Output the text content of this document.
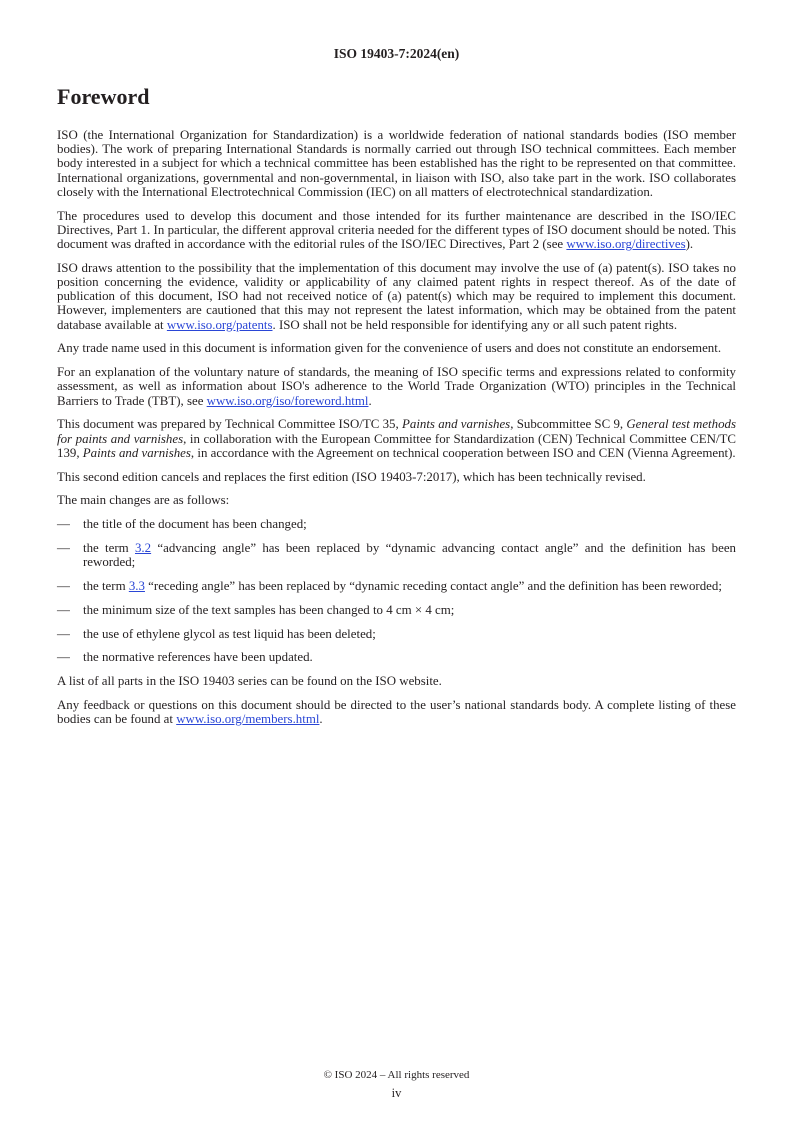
ISO 19403-7:2024(en)
Foreword

ISO (the International Organization for Standardization) is a worldwide federation of national standards bodies (ISO member bodies). The work of preparing International Standards is normally carried out through ISO technical committees. Each member body interested in a subject for which a technical committee has been established has the right to be represented on that committee. International organizations, governmental and non-governmental, in liaison with ISO, also take part in the work. ISO collaborates closely with the International Electrotechnical Commission (IEC) on all matters of electrotechnical standardization.

The procedures used to develop this document and those intended for its further maintenance are described in the ISO/IEC Directives, Part 1. In particular, the different approval criteria needed for the different types of ISO document should be noted. This document was drafted in accordance with the editorial rules of the ISO/IEC Directives, Part 2 (see www.iso.org/directives).

ISO draws attention to the possibility that the implementation of this document may involve the use of (a) patent(s). ISO takes no position concerning the evidence, validity or applicability of any claimed patent rights in respect thereof. As of the date of publication of this document, ISO had not received notice of (a) patent(s) which may be required to implement this document. However, implementers are cautioned that this may not represent the latest information, which may be obtained from the patent database available at www.iso.org/patents. ISO shall not be held responsible for identifying any or all such patent rights.

Any trade name used in this document is information given for the convenience of users and does not constitute an endorsement.

For an explanation of the voluntary nature of standards, the meaning of ISO specific terms and expressions related to conformity assessment, as well as information about ISO's adherence to the World Trade Organization (WTO) principles in the Technical Barriers to Trade (TBT), see www.iso.org/iso/foreword.html.

This document was prepared by Technical Committee ISO/TC 35, Paints and varnishes, Subcommittee SC 9, General test methods for paints and varnishes, in collaboration with the European Committee for Standardization (CEN) Technical Committee CEN/TC 139, Paints and varnishes, in accordance with the Agreement on technical cooperation between ISO and CEN (Vienna Agreement).

This second edition cancels and replaces the first edition (ISO 19403-7:2017), which has been technically revised.

The main changes are as follows:

—	the title of the document has been changed;
—	the term 3.2 “advancing angle” has been replaced by “dynamic advancing contact angle” and the definition has been reworded;
—	the term 3.3 “receding angle” has been replaced by “dynamic receding contact angle” and the definition has been reworded;
—	the minimum size of the text samples has been changed to 4 cm × 4 cm;
—	the use of ethylene glycol as test liquid has been deleted;
—	the normative references have been updated.

A list of all parts in the ISO 19403 series can be found on the ISO website.

Any feedback or questions on this document should be directed to the user’s national standards body. A complete listing of these bodies can be found at www.iso.org/members.html.

© ISO 2024 – All rights reserved
iv
